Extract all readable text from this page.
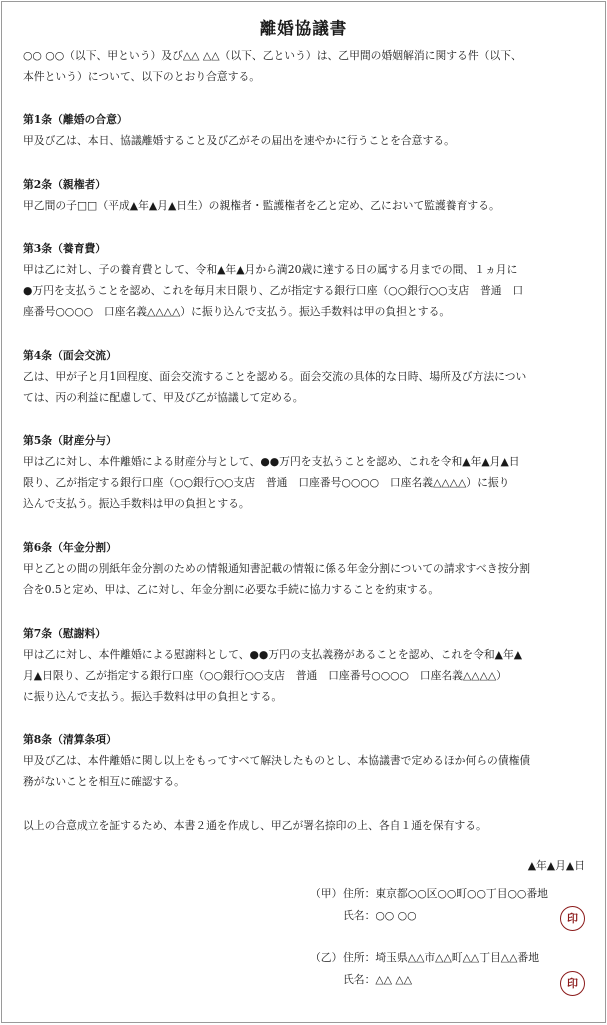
離婚協議書
○○ ○○（以下、甲という）及び△△ △△（以下、乙という）は、乙甲間の婚姻解消に関する件（以下、
本件という）について、以下のとおり合意する。
第1条（離婚の合意）
甲及び乙は、本日、協議離婚すること及び乙がその届出を速やかに行うことを合意する。
第2条（親権者）
甲乙間の子□□（平成▲年▲月▲日生）の親権者・監護権者を乙と定め、乙において監護養育する。
第3条（養育費）
甲は乙に対し、子の養育費として、令和▲年▲月から満20歳に達する日の属する月までの間、１ヵ月に
●万円を支払うことを認め、これを毎月末日限り、乙が指定する銀行口座（○○銀行○○支店　普通　口
座番号○○○○　口座名義△△△△）に振り込んで支払う。振込手数料は甲の負担とする。
第4条（面会交流）
乙は、甲が子と月1回程度、面会交流することを認める。面会交流の具体的な日時、場所及び方法につい
ては、丙の利益に配慮して、甲及び乙が協議して定める。
第5条（財産分与）
甲は乙に対し、本件離婚による財産分与として、●●万円を支払うことを認め、これを令和▲年▲月▲日
限り、乙が指定する銀行口座（○○銀行○○支店　普通　口座番号○○○○　口座名義△△△△）に振り
込んで支払う。振込手数料は甲の負担とする。
第6条（年金分割）
甲と乙との間の別紙年金分割のための情報通知書記載の情報に係る年金分割についての請求すべき按分割
合を0.5と定め、甲は、乙に対し、年金分割に必要な手続に協力することを約束する。
第7条（慰謝料）
甲は乙に対し、本件離婚による慰謝料として、●●万円の支払義務があることを認め、これを令和▲年▲
月▲日限り、乙が指定する銀行口座（○○銀行○○支店　普通　口座番号○○○○　口座名義△△△△）
に振り込んで支払う。振込手数料は甲の負担とする。
第8条（清算条項）
甲及び乙は、本件離婚に関し以上をもってすべて解決したものとし、本協議書で定めるほか何らの債権債
務がないことを相互に確認する。
以上の合意成立を証するため、本書２通を作成し、甲乙が署名捺印の上、各自１通を保有する。
▲年▲月▲日
（甲） 住所：東京都○○区○○町○○丁目○○番地
氏名：○○ ○○	印
（乙） 住所：埼玉県△△市△△町△△丁目△△番地
氏名：△△ △△	印
